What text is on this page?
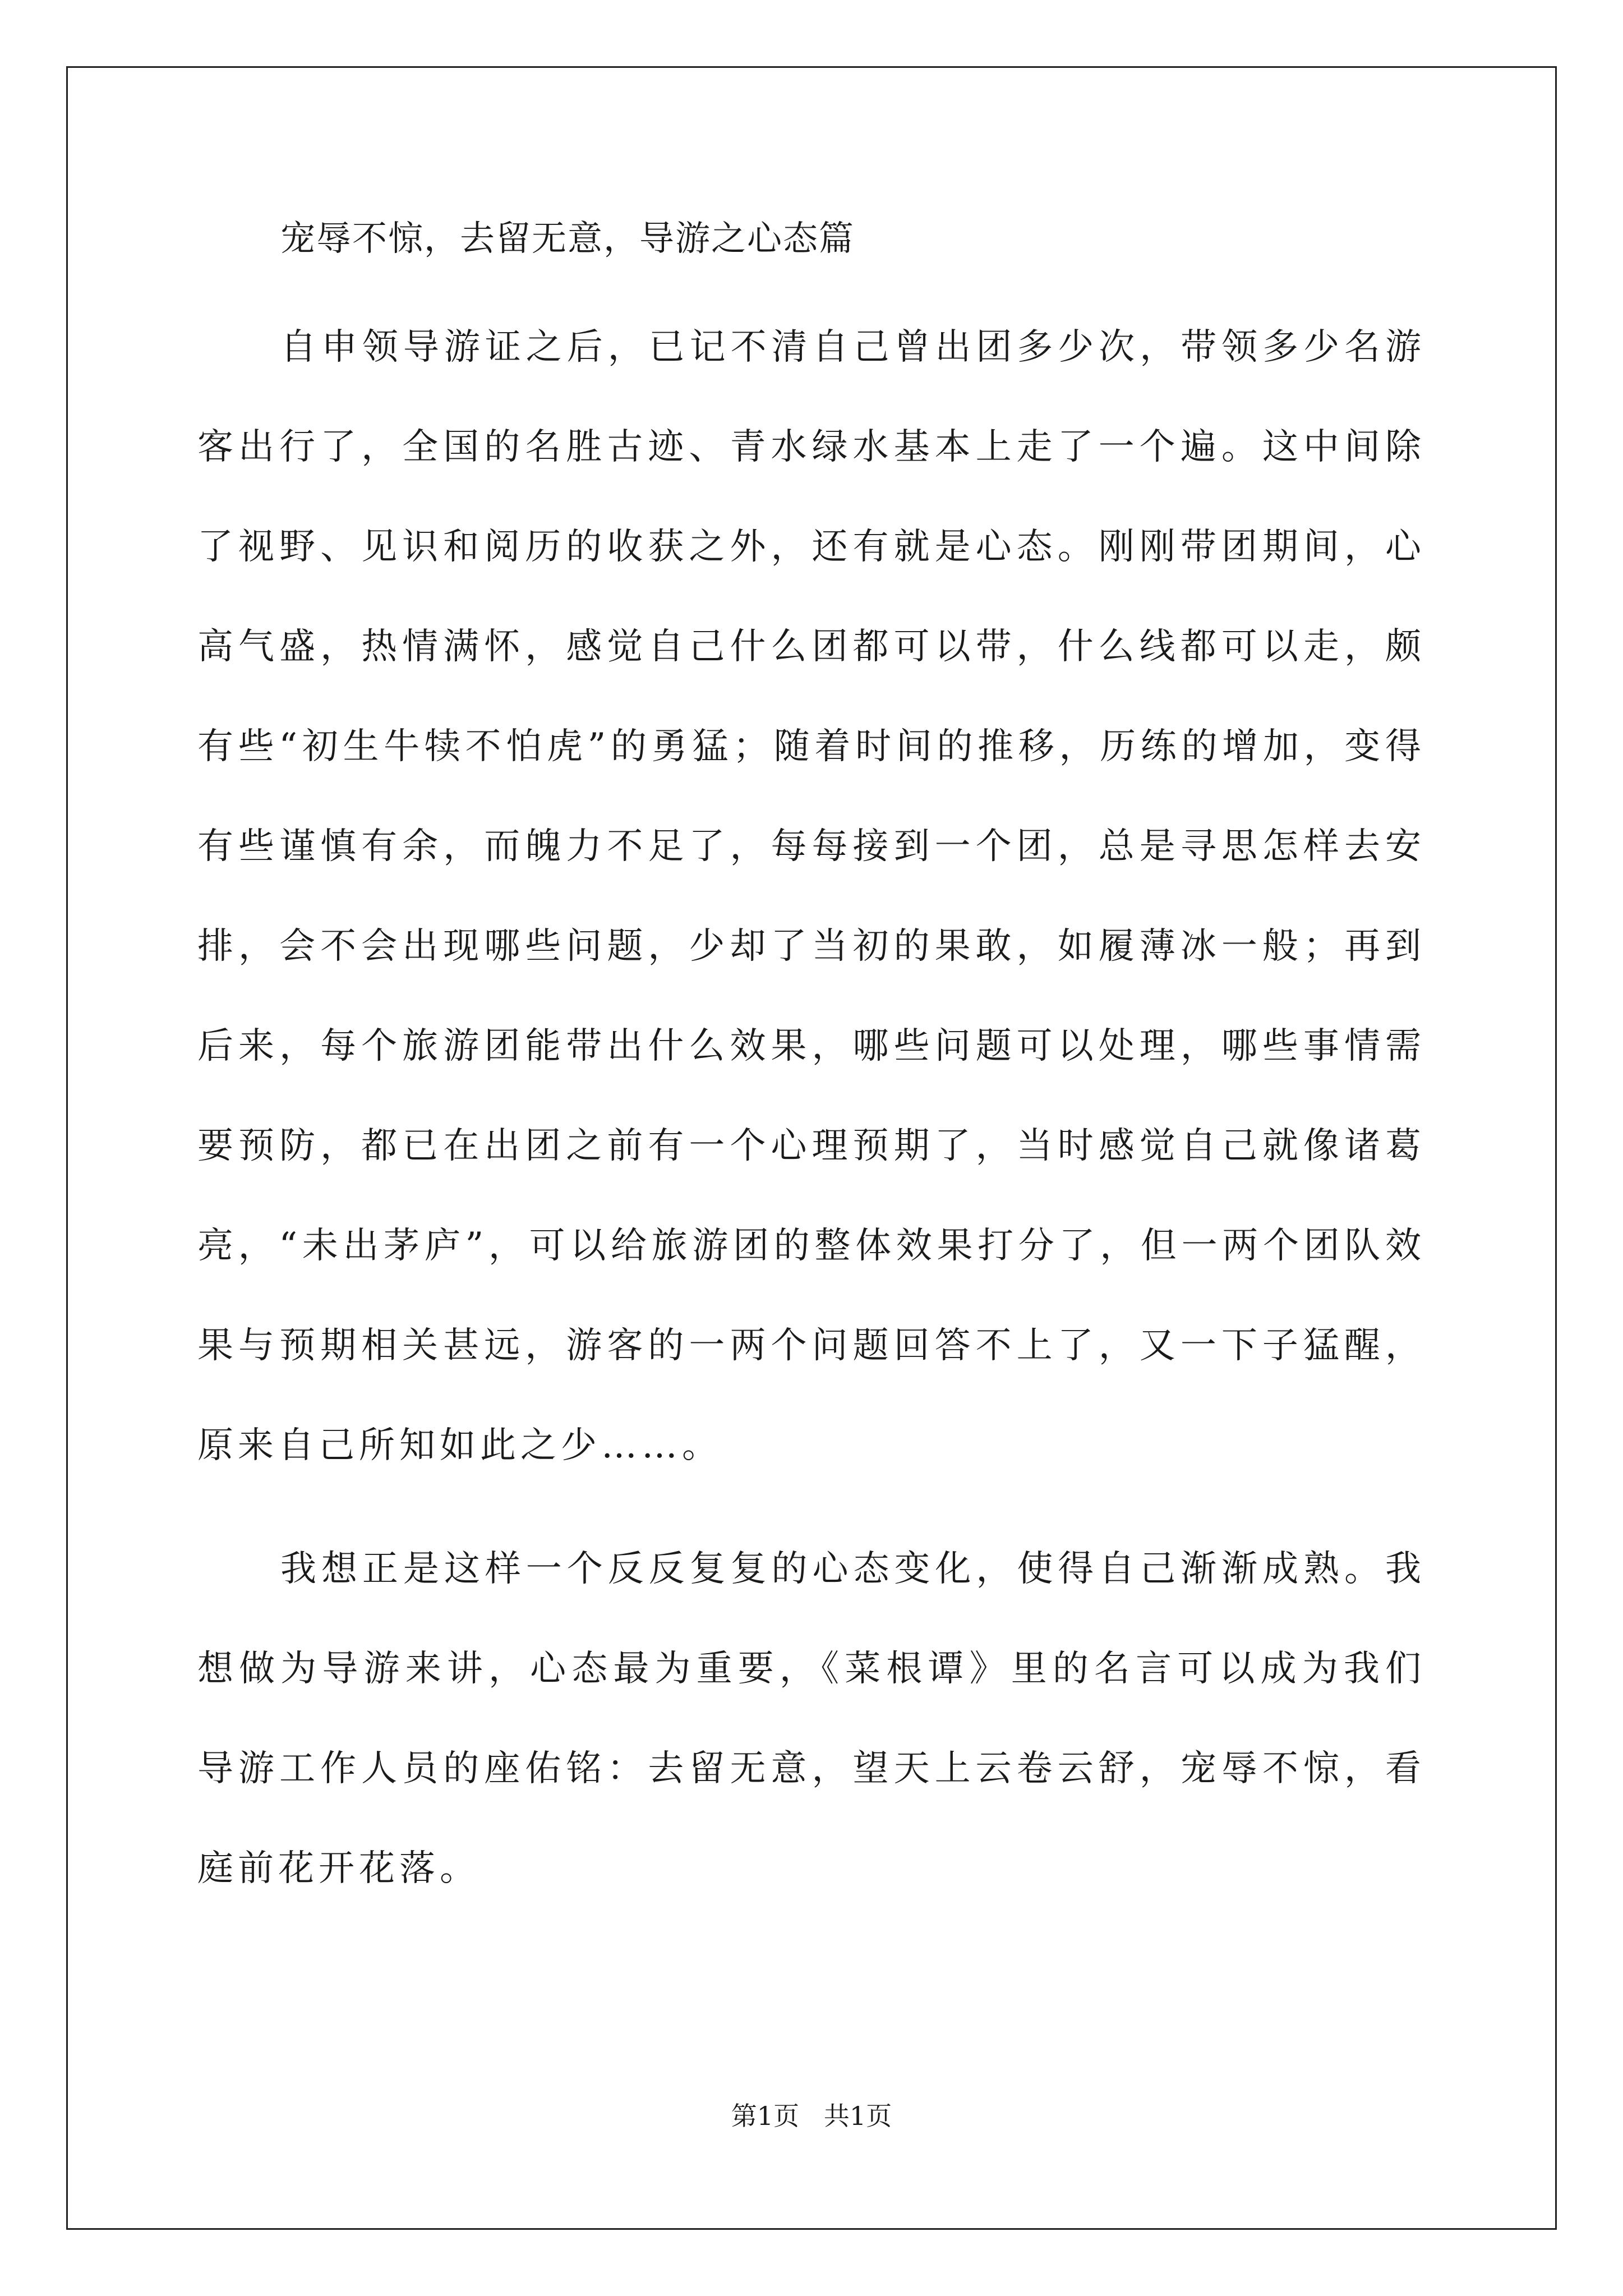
宠辱不惊，去留无意，导游之心态篇

自申领导游证之后，已记不清自己曾出团多少次，带领多少名游客出行了，全国的名胜古迹、青水绿水基本上走了一个遍。这中间除了视野、见识和阅历的收获之外，还有就是心态。刚刚带团期间，心高气盛，热情满怀，感觉自己什么团都可以带，什么线都可以走，颇有些“初生牛犊不怕虎”的勇猛；随着时间的推移，历练的增加，变得有些谨慎有余，而魄力不足了，每每接到一个团，总是寻思怎样去安排，会不会出现哪些问题，少却了当初的果敢，如履薄冰一般；再到后来，每个旅游团能带出什么效果，哪些问题可以处理，哪些事情需要预防，都已在出团之前有一个心理预期了，当时感觉自己就像诸葛亮，“未出茅庐”，可以给旅游团的整体效果打分了，但一两个团队效果与预期相关甚远，游客的一两个问题回答不上了，又一下子猛醒，原来自己所知如此之少……。

我想正是这样一个反反复复的心态变化，使得自己渐渐成熟。我想做为导游来讲，心态最为重要，《菜根谭》里的名言可以成为我们导游工作人员的座佑铭：去留无意，望天上云卷云舒，宠辱不惊，看庭前花开花落。

第1页   共1页
